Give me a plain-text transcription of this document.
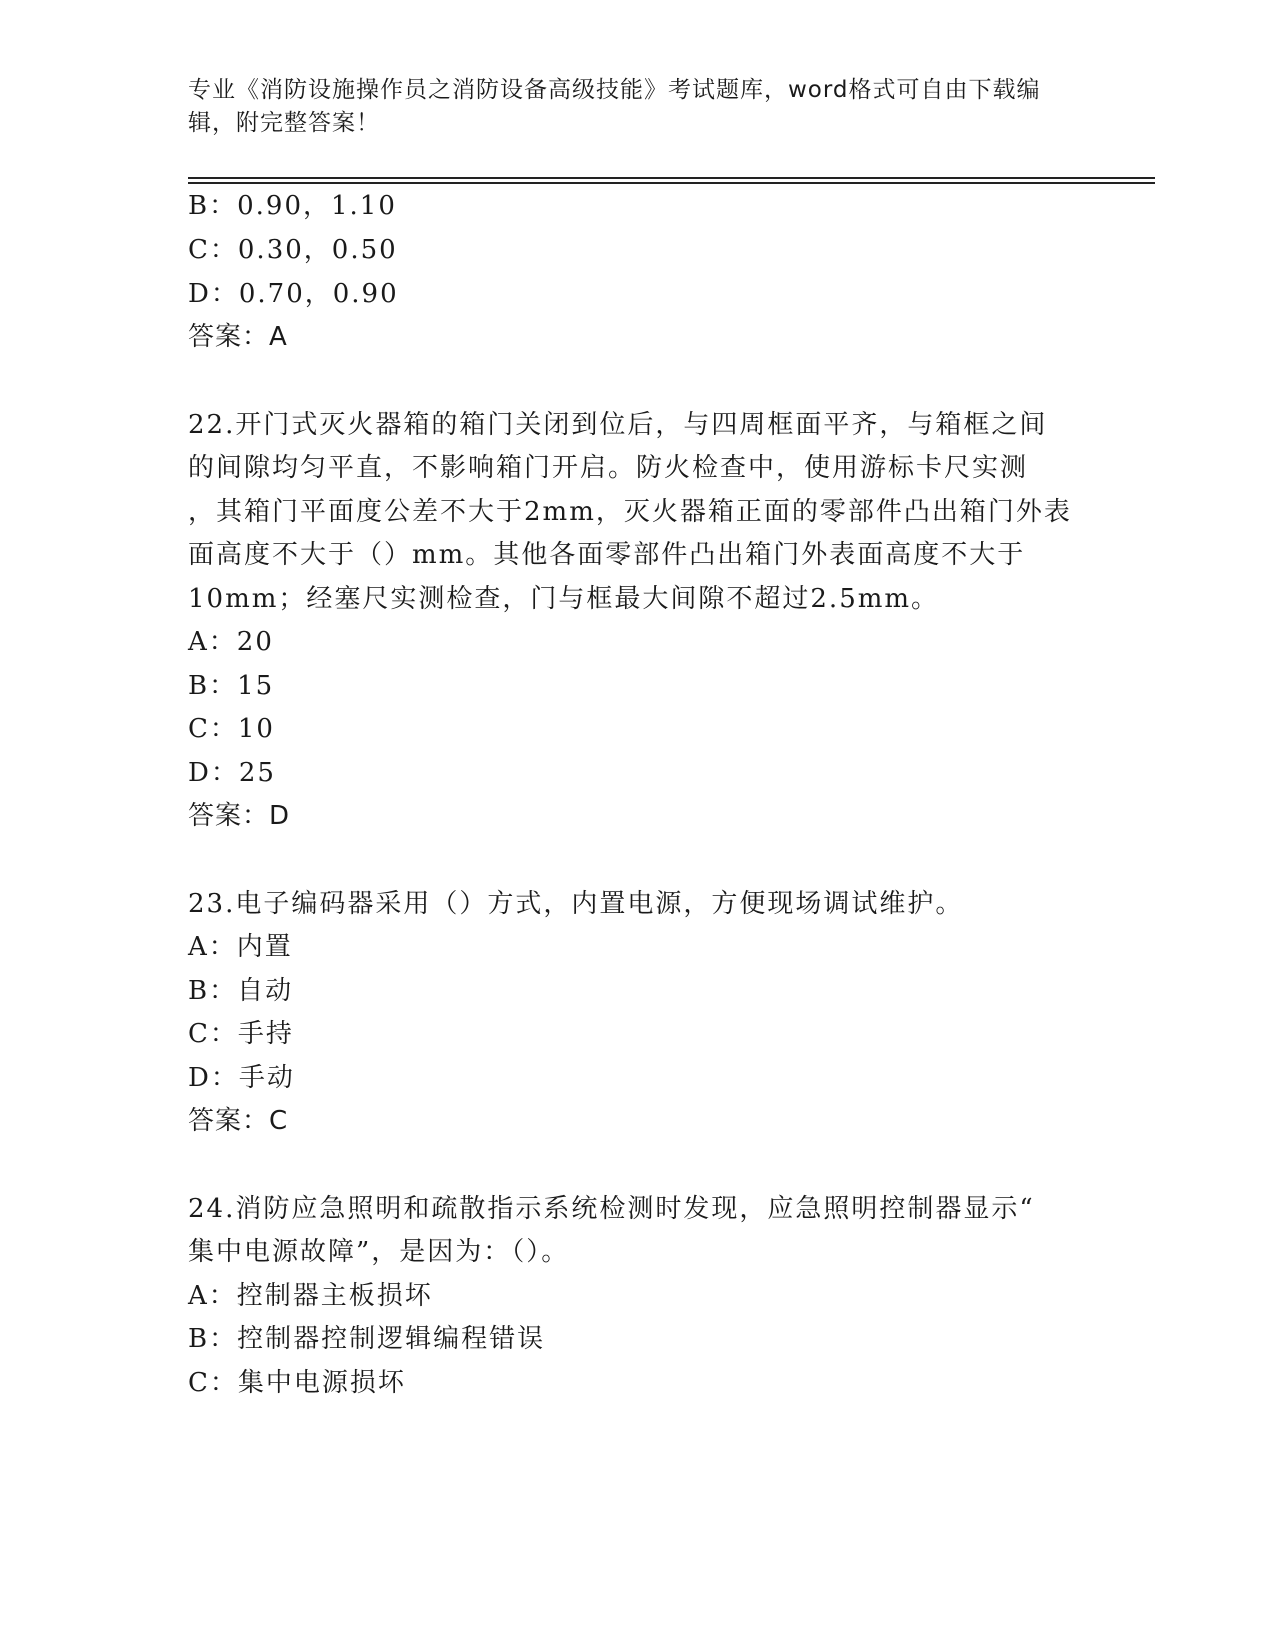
专业《消防设施操作员之消防设备高级技能》考试题库，word格式可自由下载编
辑，附完整答案！
B：0.90，1.10
C：0.30，0.50
D：0.70，0.90
答案：A
22.开门式灭火器箱的箱门关闭到位后，与四周框面平齐，与箱框之间
的间隙均匀平直，不影响箱门开启。防火检查中，使用游标卡尺实测
，其箱门平面度公差不大于2mm，灭火器箱正面的零部件凸出箱门外表
面高度不大于（）mm。其他各面零部件凸出箱门外表面高度不大于
10mm；经塞尺实测检查，门与框最大间隙不超过2.5mm。
A：20
B：15
C：10
D：25
答案：D
23.电子编码器采用（）方式，内置电源，方便现场调试维护。
A：内置
B：自动
C：手持
D：手动
答案：C
24.消防应急照明和疏散指示系统检测时发现，应急照明控制器显示“
集中电源故障”，是因为：（）。
A：控制器主板损坏
B：控制器控制逻辑编程错误
C：集中电源损坏
